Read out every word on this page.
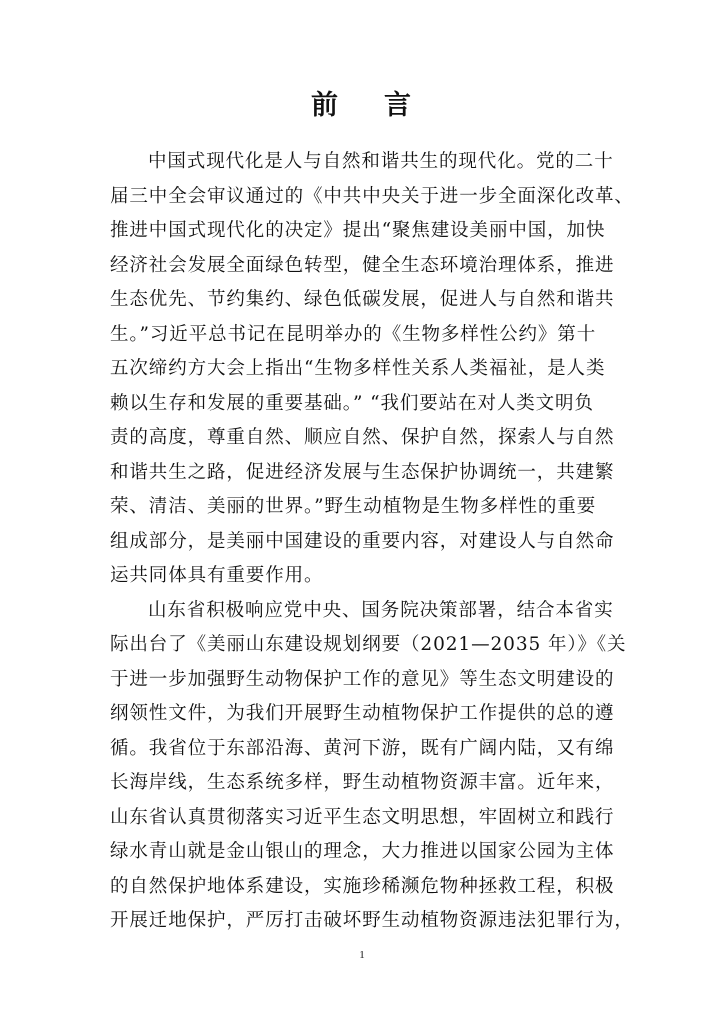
前 言
中国式现代化是人与自然和谐共生的现代化。党的二十
届三中全会审议通过的《中共中央关于进一步全面深化改革、
推进中国式现代化的决定》提出“聚焦建设美丽中国，加快
经济社会发展全面绿色转型，健全生态环境治理体系，推进
生态优先、节约集约、绿色低碳发展，促进人与自然和谐共
生。”习近平总书记在昆明举办的《生物多样性公约》第十
五次缔约方大会上指出“生物多样性关系人类福祉，是人类
赖以生存和发展的重要基础。” “我们要站在对人类文明负
责的高度，尊重自然、顺应自然、保护自然，探索人与自然
和谐共生之路，促进经济发展与生态保护协调统一，共建繁
荣、清洁、美丽的世界。”野生动植物是生物多样性的重要
组成部分，是美丽中国建设的重要内容，对建设人与自然命
运共同体具有重要作用。
山东省积极响应党中央、国务院决策部署，结合本省实
际出台了《美丽山东建设规划纲要（2021—2035 年）》《关
于进一步加强野生动物保护工作的意见》等生态文明建设的
纲领性文件，为我们开展野生动植物保护工作提供的总的遵
循。我省位于东部沿海、黄河下游，既有广阔内陆，又有绵
长海岸线，生态系统多样，野生动植物资源丰富。近年来，
山东省认真贯彻落实习近平生态文明思想，牢固树立和践行
绿水青山就是金山银山的理念，大力推进以国家公园为主体
的自然保护地体系建设，实施珍稀濒危物种拯救工程，积极
开展迁地保护，严厉打击破坏野生动植物资源违法犯罪行为，
1
